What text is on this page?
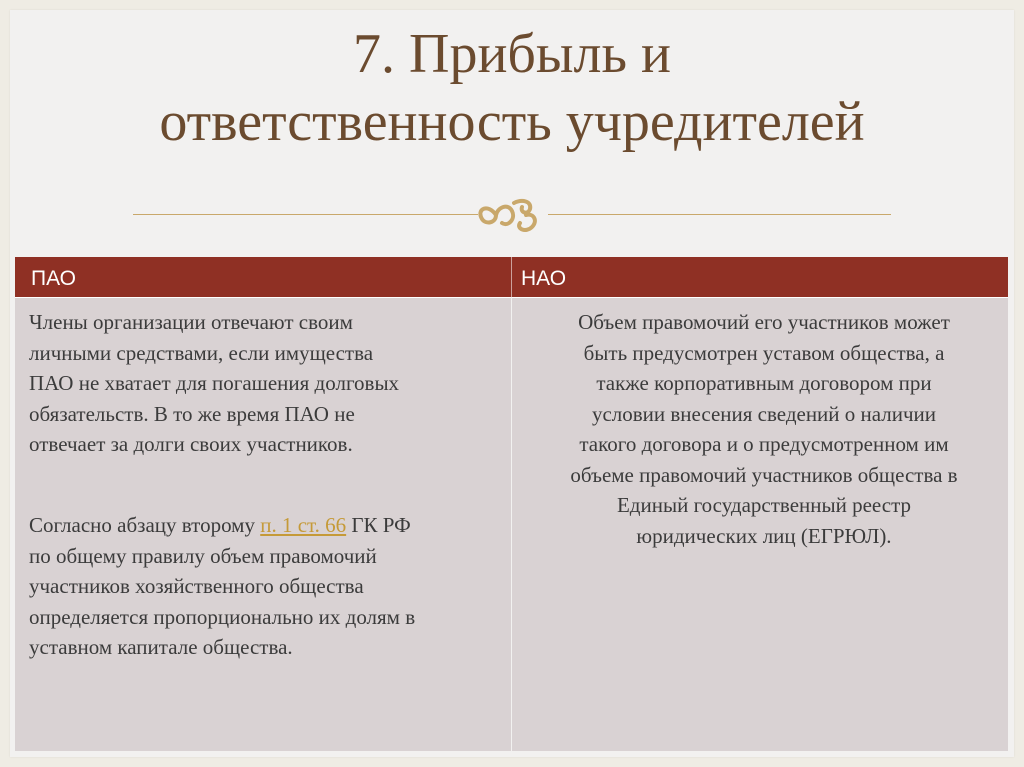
7. Прибыль и
ответственность учредителей
ПАО	НАО
Члены организации отвечают своим
личными средствами, если имущества
ПАО не хватает для погашения долговых
обязательств. В то же время ПАО не
отвечает за долги своих участников.
Согласно абзацу второму п. 1 ст. 66 ГК РФ
по общему правилу объем правомочий
участников хозяйственного общества
определяется пропорционально их долям в
уставном капитале общества.
Объем правомочий его участников может
быть предусмотрен уставом общества, а
также корпоративным договором при
условии внесения сведений о наличии
такого договора и о предусмотренном им
объеме правомочий участников общества в
Единый государственный реестр
юридических лиц (ЕГРЮЛ).
